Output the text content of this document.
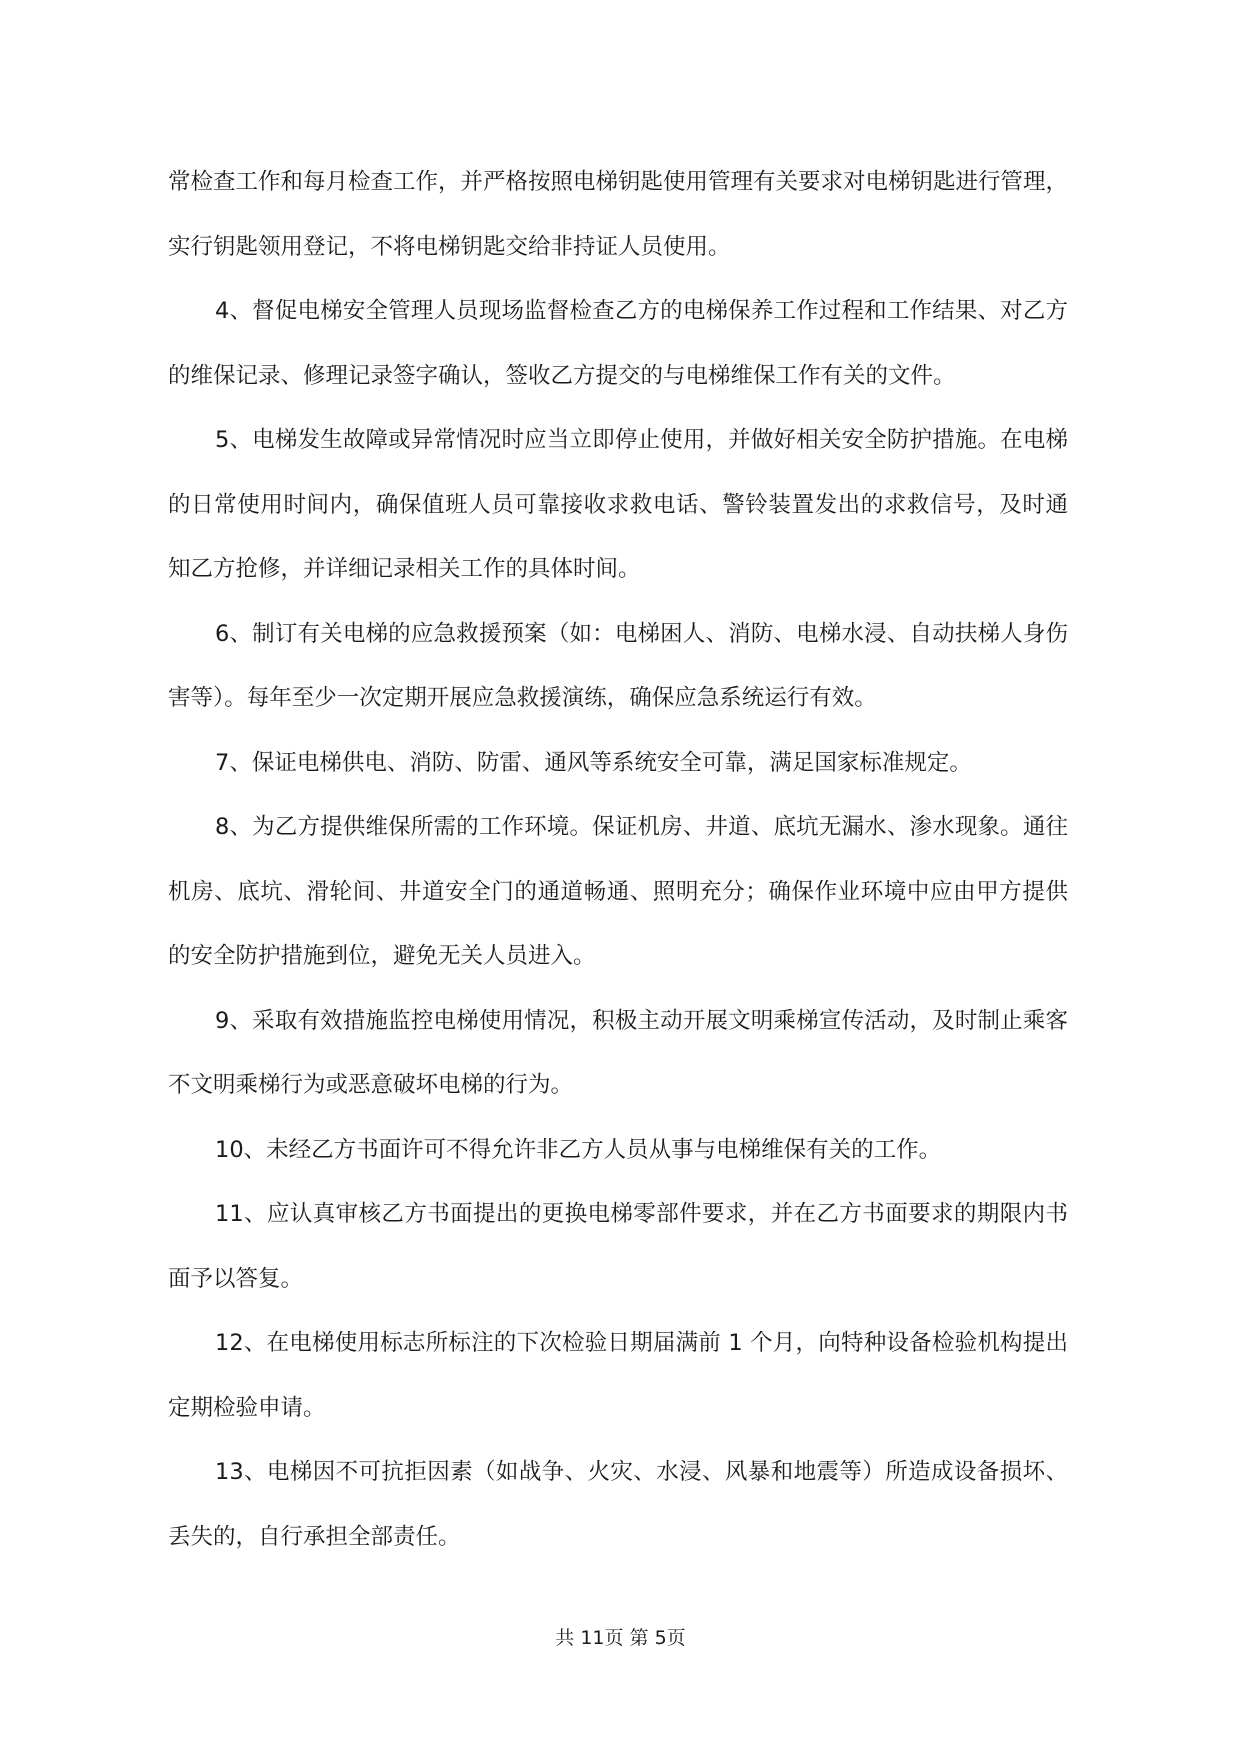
常检查工作和每月检查工作，并严格按照电梯钥匙使用管理有关要求对电梯钥匙进行管理，
实行钥匙领用登记，不将电梯钥匙交给非持证人员使用。
4、督促电梯安全管理人员现场监督检查乙方的电梯保养工作过程和工作结果、对乙方
的维保记录、修理记录签字确认，签收乙方提交的与电梯维保工作有关的文件。
5、电梯发生故障或异常情况时应当立即停止使用，并做好相关安全防护措施。在电梯
的日常使用时间内，确保值班人员可靠接收求救电话、警铃装置发出的求救信号，及时通
知乙方抢修，并详细记录相关工作的具体时间。
6、制订有关电梯的应急救援预案（如：电梯困人、消防、电梯水浸、自动扶梯人身伤
害等）。每年至少一次定期开展应急救援演练，确保应急系统运行有效。
7、保证电梯供电、消防、防雷、通风等系统安全可靠，满足国家标准规定。
8、为乙方提供维保所需的工作环境。保证机房、井道、底坑无漏水、渗水现象。通往
机房、底坑、滑轮间、井道安全门的通道畅通、照明充分；确保作业环境中应由甲方提供
的安全防护措施到位，避免无关人员进入。
9、采取有效措施监控电梯使用情况，积极主动开展文明乘梯宣传活动，及时制止乘客
不文明乘梯行为或恶意破坏电梯的行为。
10、未经乙方书面许可不得允许非乙方人员从事与电梯维保有关的工作。
11、应认真审核乙方书面提出的更换电梯零部件要求，并在乙方书面要求的期限内书
面予以答复。
12、在电梯使用标志所标注的下次检验日期届满前 1 个月，向特种设备检验机构提出
定期检验申请。
13、电梯因不可抗拒因素（如战争、火灾、水浸、风暴和地震等）所造成设备损坏、
丢失的，自行承担全部责任。
共 11页 第 5页
